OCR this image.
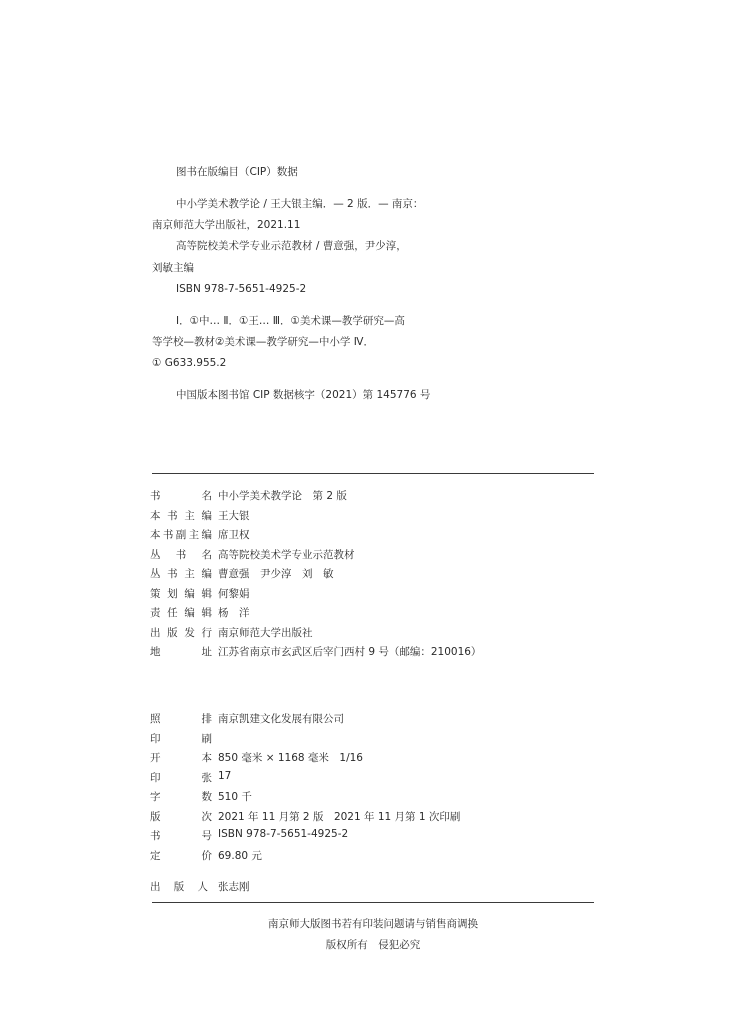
图书在版编目（CIP）数据
中小学美术教学论 / 王大银主编．— 2 版．— 南京：
南京师范大学出版社，2021.11
高等院校美术学专业示范教材 / 曹意强，尹少淳，
刘敏主编
ISBN 978-7-5651-4925-2
Ⅰ．①中… Ⅱ．①王… Ⅲ．①美术课—教学研究—高
等学校—教材②美术课—教学研究—中小学 Ⅳ．
① G633.955.2
中国版本图书馆 CIP 数据核字（2021）第 145776 号
书	名 中小学美术教学论　第 2 版
本 书 主 编 王大银
本 书 副 主 编 席卫权
丛 书 名 高等院校美术学专业示范教材
丛 书 主 编 曹意强　尹少淳　刘　敏
策 划 编 辑 何黎娟
责 任 编 辑 杨　洋
出 版 发 行 南京师范大学出版社
地	址 江苏省南京市玄武区后宰门西村 9 号（邮编：210016）
照	排 南京凯建文化发展有限公司
印	刷
开	本 850 毫米 × 1168 毫米　1/16
印	张 17
字	数 510 千
版	次 2021 年 11 月第 2 版　2021 年 11 月第 1 次印刷
书	号 ISBN 978-7-5651-4925-2
定	价 69.80 元
出 版 人 张志刚
南京师大版图书若有印装问题请与销售商调换
版权所有　侵犯必究
